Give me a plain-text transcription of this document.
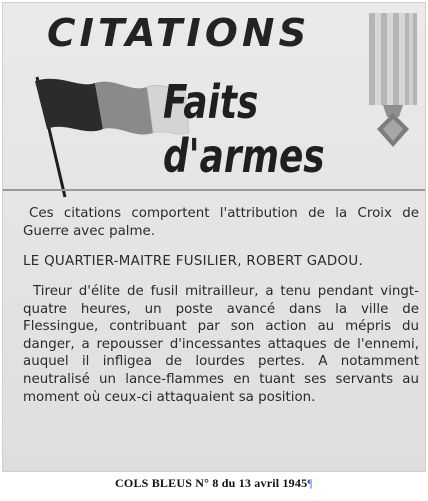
CITATIONS
Faits d'armes

Ces citations comportent l'attribution de la Croix de Guerre avec palme.

LE QUARTIER-MAITRE FUSILIER, ROBERT GADOU.

Tireur d'élite de fusil mitrailleur, a tenu pendant vingt-quatre heures, un poste avancé dans la ville de Flessingue, contribuant par son action au mépris du danger, a repousser d'incessantes attaques de l'ennemi, auquel il infligea de lourdes pertes. A notamment neutralisé un lance-flammes en tuant ses servants au moment où ceux-ci attaquaient sa position.

COLS BLEUS N° 8 du 13 avril 1945¶
